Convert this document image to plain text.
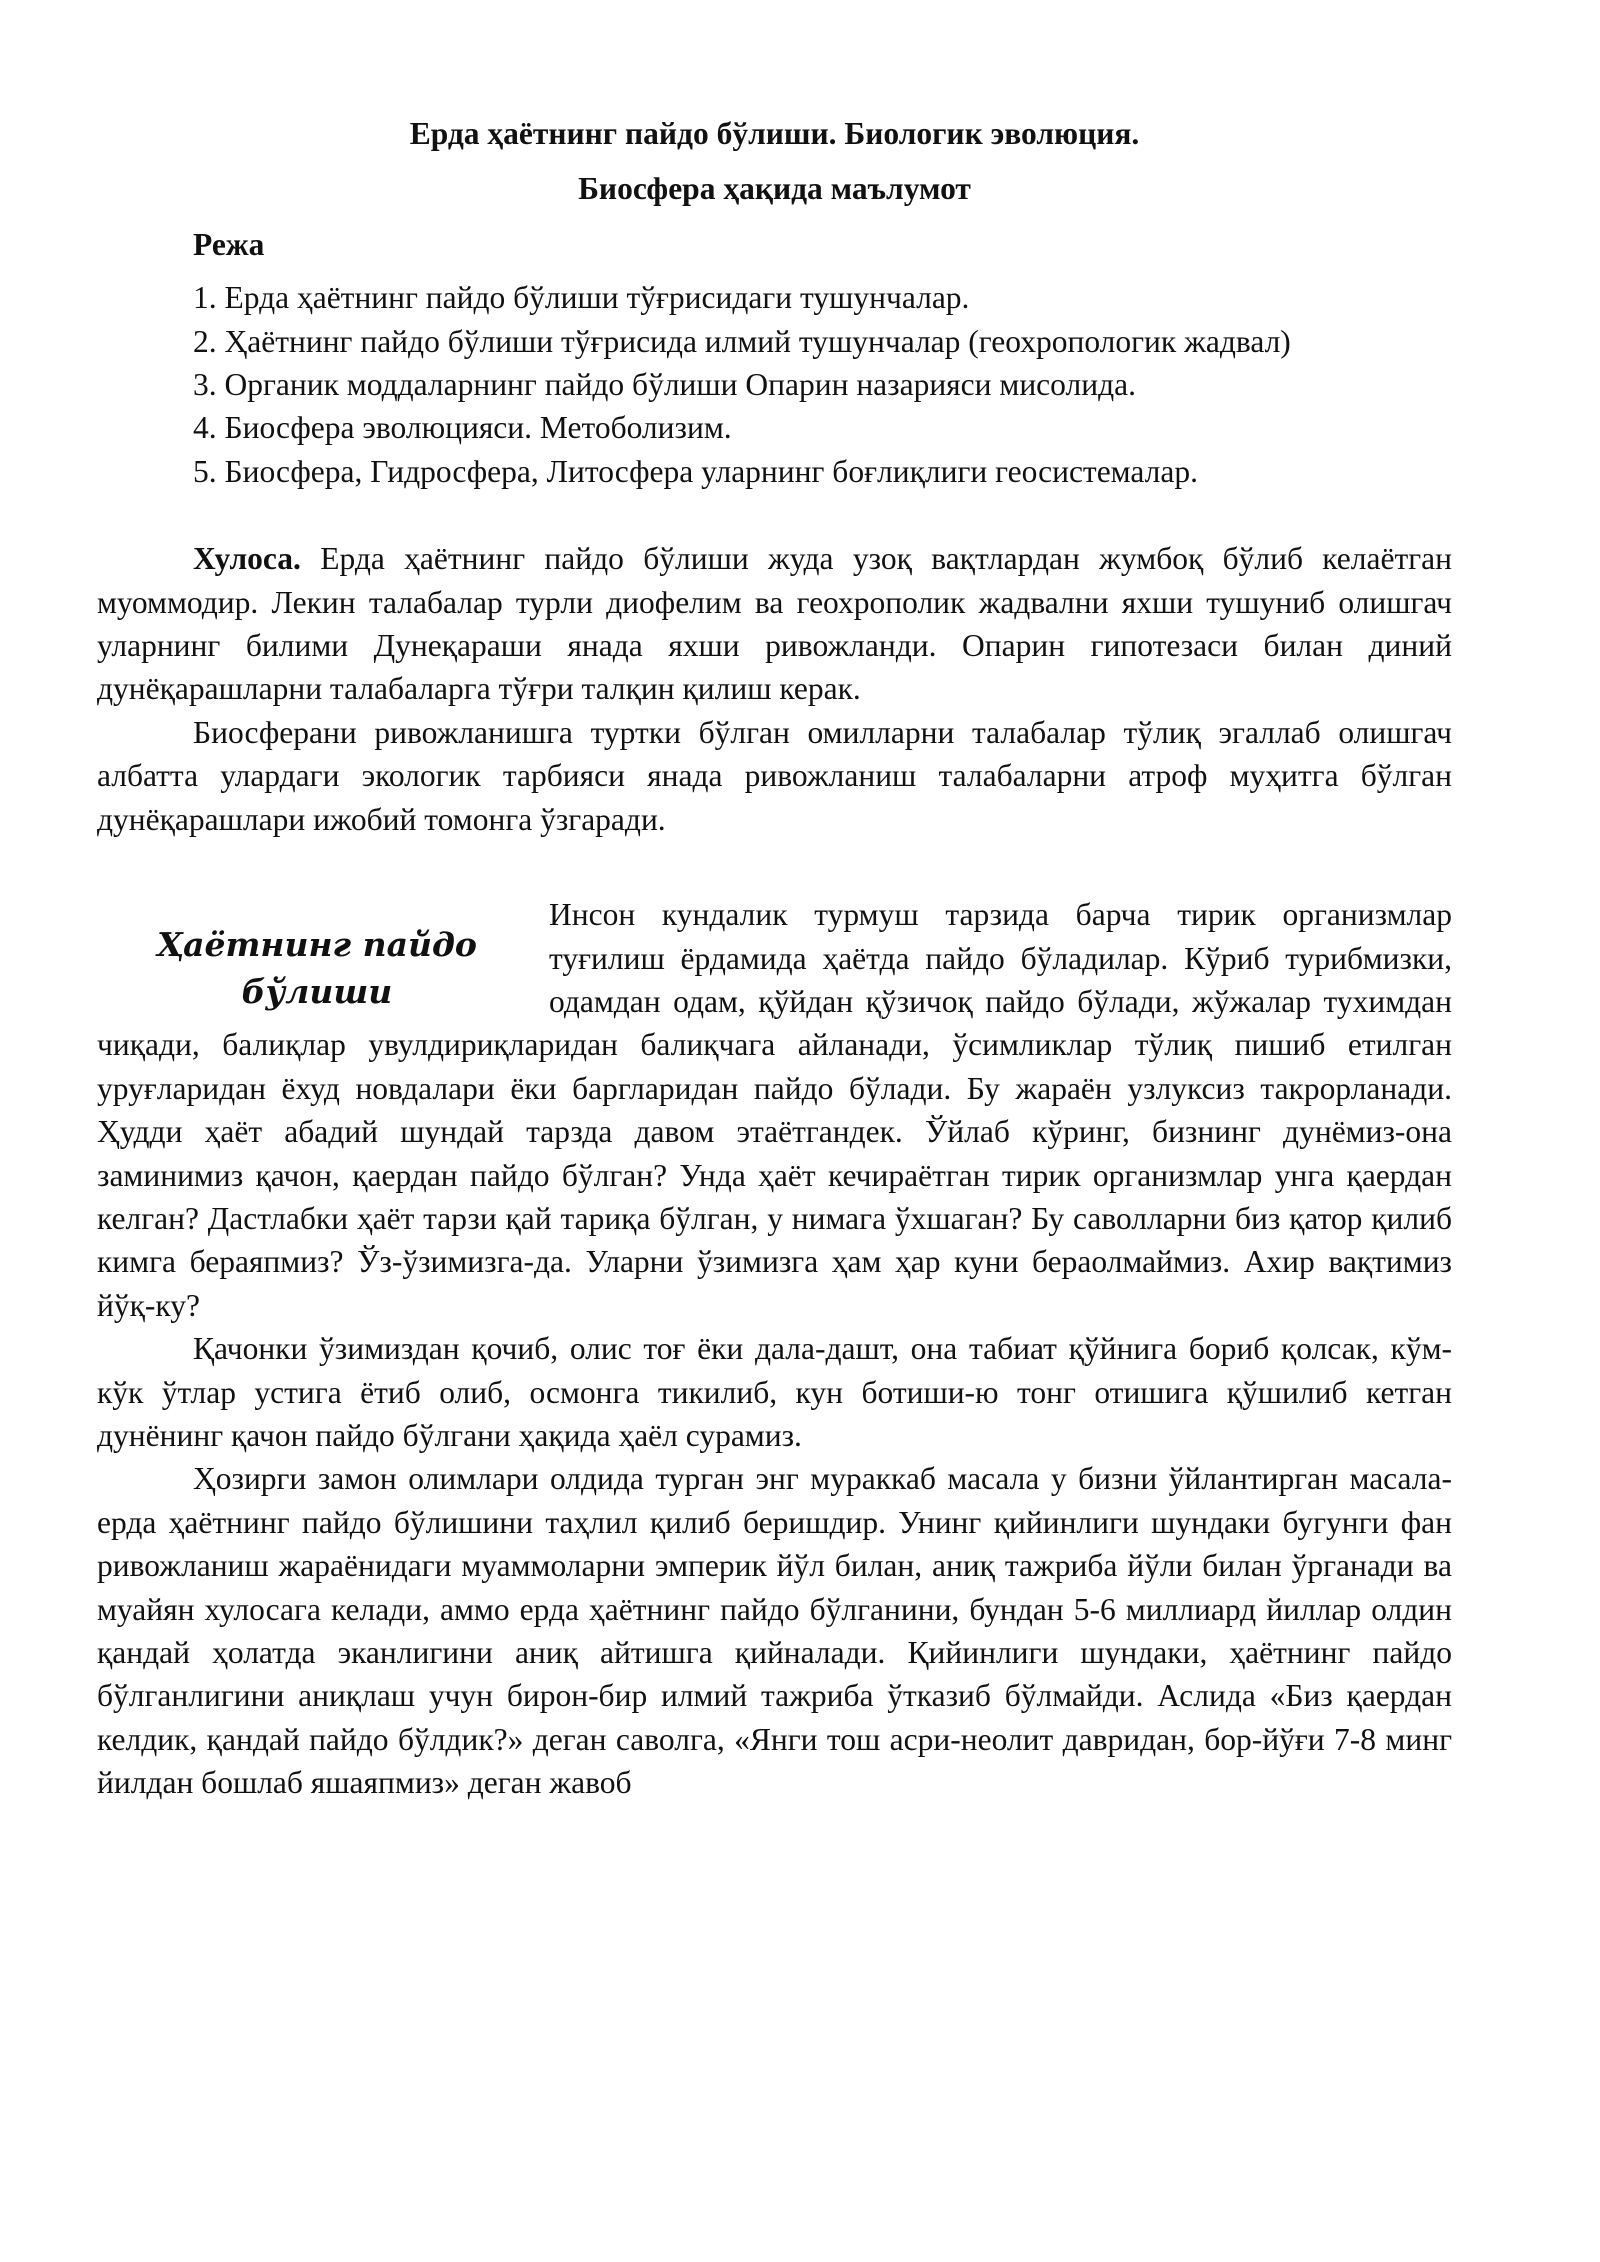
Ерда ҳаётнинг пайдо бўлиши. Биологик эволюция.

Биосфера ҳақида маълумот

Режа

1. Ерда ҳаётнинг пайдо бўлиши тўғрисидаги тушунчалар.

2. Ҳаётнинг пайдо бўлиши тўғрисида илмий тушунчалар (геохропологик жадвал)

3. Органик моддаларнинг пайдо бўлиши Опарин назарияси мисолида.

4. Биосфера эволюцияси. Метоболизим.

5. Биосфера, Гидросфера, Литосфера уларнинг боғлиқлиги геосистемалар.

Хулоса. Ерда ҳаётнинг пайдо бўлиши жуда узоқ вақтлардан жумбоқ бўлиб келаётган муоммодир. Лекин талабалар турли диофелим ва геохрополик жадвални яхши тушуниб олишгач уларнинг билими Дунеқараши янада яхши ривожланди. Опарин гипотезаси билан диний дунёқарашларни талабаларга тўғри талқин қилиш керак.

Биосферани ривожланишга туртки бўлган омилларни талабалар тўлиқ эгаллаб олишгач албатта улардаги экологик тарбияси янада ривожланиш талабаларни атроф муҳитга бўлган дунёқарашлари ижобий томонга ўзгаради.

Ҳаётнинг пайдо бўлиши

Инсон кундалик турмуш тарзида барча тирик организмлар туғилиш ёрдамида ҳаётда пайдо бўладилар. Кўриб турибмизки, одамдан одам, қўйдан қўзичоқ пайдо бўлади, жўжалар тухимдан чиқади, балиқлар увулдириқларидан балиқчага айланади, ўсимликлар тўлиқ пишиб етилган уруғларидан ёхуд новдалари ёки баргларидан пайдо бўлади. Бу жараён узлуксиз такрорланади. Ҳудди ҳаёт абадий шундай тарзда давом этаётгандек. Ўйлаб кўринг, бизнинг дунёмиз-она заминимиз қачон, қаердан пайдо бўлган? Унда ҳаёт кечираётган тирик организмлар унга қаердан келган? Дастлабки ҳаёт тарзи қай тариқа бўлган, у нимага ўхшаган? Бу саволларни биз қатор қилиб кимга бераяпмиз? Ўз-ўзимизга-да. Уларни ўзимизга ҳам ҳар куни бераолмаймиз. Ахир вақтимиз йўқ-ку?

Қачонки ўзимиздан қочиб, олис тоғ ёки дала-дашт, она табиат қўйнига бориб қолсак, кўм-кўк ўтлар устига ётиб олиб, осмонга тикилиб, кун ботиши-ю тонг отишига қўшилиб кетган дунёнинг қачон пайдо бўлгани ҳақида ҳаёл сурамиз.

Ҳозирги замон олимлари олдида турган энг мураккаб масала у бизни ўйлантирган масала-ерда ҳаётнинг пайдо бўлишини таҳлил қилиб беришдир. Унинг қийинлиги шундаки бугунги фан ривожланиш жараёнидаги муаммоларни эмперик йўл билан, аниқ тажриба йўли билан ўрганади ва муайян хулосага келади, аммо ерда ҳаётнинг пайдо бўлганини, бундан 5-6 миллиард йиллар олдин қандай ҳолатда эканлигини аниқ айтишга қийналади. Қийинлиги шундаки, ҳаётнинг пайдо бўлганлигини аниқлаш учун бирон-бир илмий тажриба ўтказиб бўлмайди. Аслида «Биз қаердан келдик, қандай пайдо бўлдик?» деган саволга, «Янги тош асри-неолит давридан, бор-йўғи 7-8 минг йилдан бошлаб яшаяпмиз» деган жавоб
